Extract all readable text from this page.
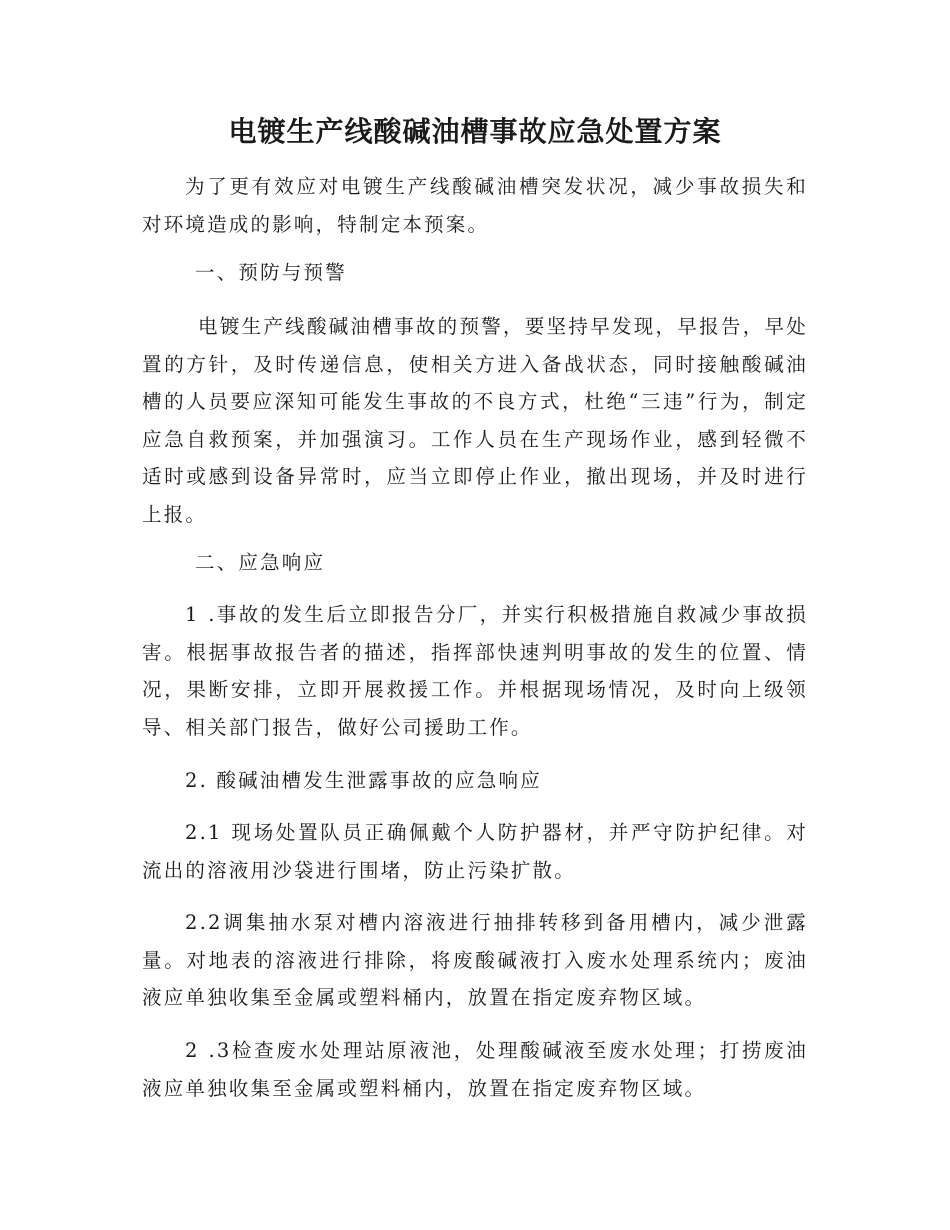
电镀生产线酸碱油槽事故应急处置方案

为了更有效应对电镀生产线酸碱油槽突发状况，减少事故损失和对环境造成的影响，特制定本预案。

一、预防与预警

电镀生产线酸碱油槽事故的预警，要坚持早发现，早报告，早处置的方针，及时传递信息，使相关方进入备战状态，同时接触酸碱油槽的人员要应深知可能发生事故的不良方式，杜绝“三违”行为，制定应急自救预案，并加强演习。工作人员在生产现场作业，感到轻微不适时或感到设备异常时，应当立即停止作业，撤出现场，并及时进行上报。

二、应急响应

1 .事故的发生后立即报告分厂，并实行积极措施自救减少事故损害。根据事故报告者的描述，指挥部快速判明事故的发生的位置、情况，果断安排，立即开展救援工作。并根据现场情况，及时向上级领导、相关部门报告，做好公司援助工作。

2. 酸碱油槽发生泄露事故的应急响应

2.1 现场处置队员正确佩戴个人防护器材，并严守防护纪律。对流出的溶液用沙袋进行围堵，防止污染扩散。

2.2调集抽水泵对槽内溶液进行抽排转移到备用槽内，减少泄露量。对地表的溶液进行排除，将废酸碱液打入废水处理系统内；废油液应单独收集至金属或塑料桶内，放置在指定废弃物区域。

2 .3检查废水处理站原液池，处理酸碱液至废水处理；打捞废油液应单独收集至金属或塑料桶内，放置在指定废弃物区域。
